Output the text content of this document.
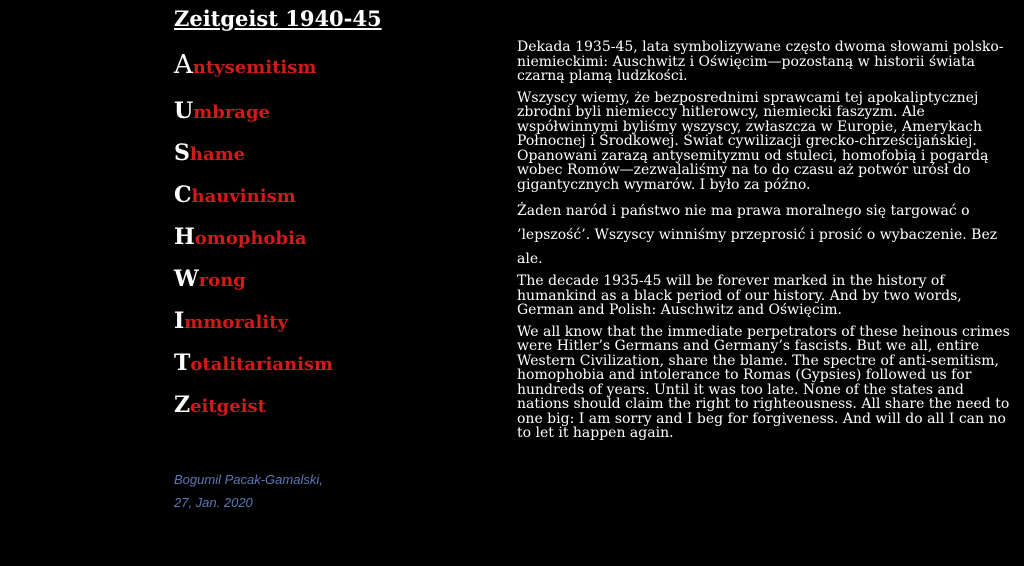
Zeitgeist 1940-45
Antysemitism
Umbrage
Shame
Chauvinism
Homophobia
Wrong
Immorality
Totalitarianism
Zeitgeist
Bogumil Pacak-Gamalski,
27, Jan. 2020

Dekada 1935-45, lata symbolizywane często dwoma słowami polsko-niemieckimi: Auschwitz i Oświęcim—pozostaną w historii świata czarną plamą ludzkości.

Wszyscy wiemy, że bezposrednimi sprawcami tej apokaliptycznej zbrodni byli niemieccy hitlerowcy, niemiecki faszyzm. Ale współwinnymi byliśmy wszyscy, zwłaszcza w Europie, Amerykach Połnocnej i Środkowej. Świat cywilizacji grecko-chrześcijańskiej. Opanowani zarazą antysemityzmu od stuleci, homofobią i pogardą wobec Romów—zezwalaliśmy na to do czasu aż potwór urósł do gigantycznych wymarów. I było za późno.

Żaden naród i państwo nie ma prawa moralnego się targować o ’lepszość’. Wszyscy winniśmy przeprosić i prosić o wybaczenie. Bez ale.

The decade 1935-45 will be forever marked in the history of humankind as a black period of our history. And by two words, German and Polish: Auschwitz and Oświęcim.

We all know that the immediate perpetrators of these heinous crimes were Hitler’s Germans and Germany’s fascists. But we all, entire Western Civilization, share the blame. The spectre of anti-semitism, homophobia and intolerance to Romas (Gypsies) followed us for hundreds of years. Until it was too late. None of the states and nations should claim the right to righteousness. All share the need to one big: I am sorry and I beg for forgiveness. And will do all I can no to let it happen again.
